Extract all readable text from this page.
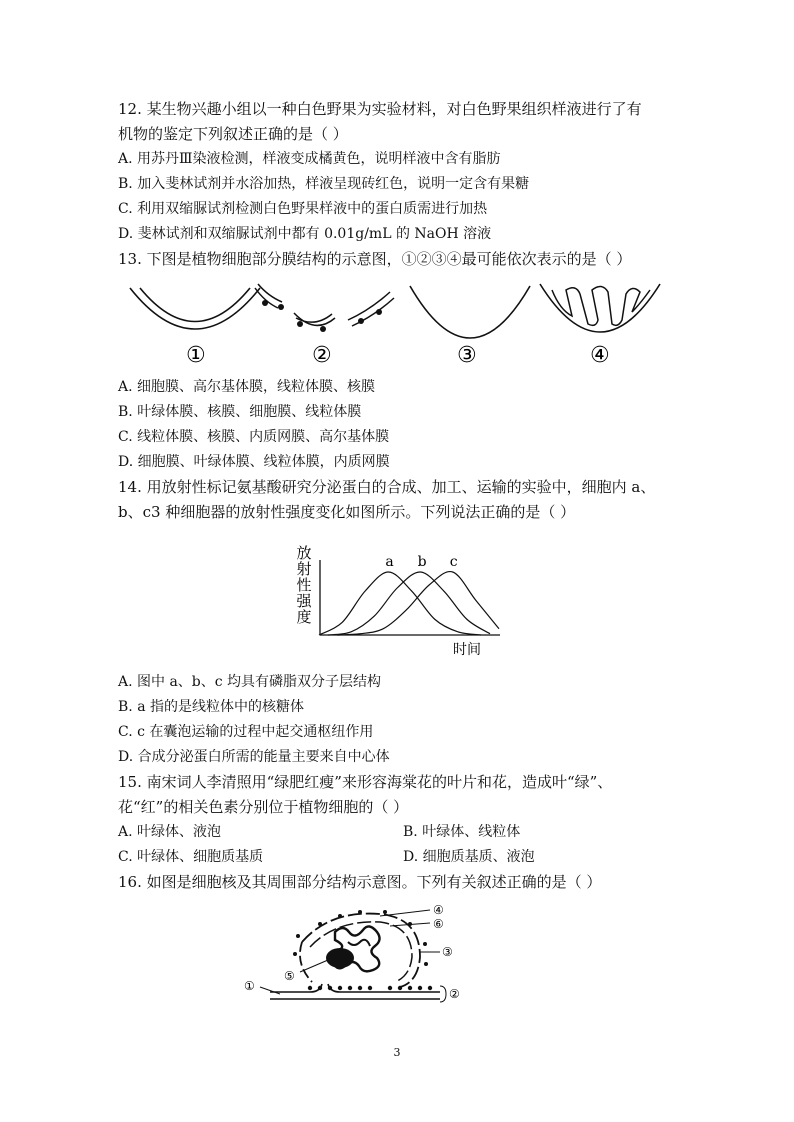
12. 某生物兴趣小组以一种白色野果为实验材料，对白色野果组织样液进行了有
机物的鉴定下列叙述正确的是（ ）
A. 用苏丹Ⅲ染液检测，样液变成橘黄色，说明样液中含有脂肪
B. 加入斐林试剂并水浴加热，样液呈现砖红色，说明一定含有果糖
C. 利用双缩脲试剂检测白色野果样液中的蛋白质需进行加热
D. 斐林试剂和双缩脲试剂中都有 0.01g/mL 的 NaOH 溶液
13. 下图是植物细胞部分膜结构的示意图，①②③④最可能依次表示的是（ ）
①	②	③	④
A. 细胞膜、高尔基体膜，线粒体膜、核膜
B. 叶绿体膜、核膜、细胞膜、线粒体膜
C. 线粒体膜、核膜、内质网膜、高尔基体膜
D. 细胞膜、叶绿体膜、线粒体膜，内质网膜
14. 用放射性标记氨基酸研究分泌蛋白的合成、加工、运输的实验中，细胞内 a、
b、c3 种细胞器的放射性强度变化如图所示。下列说法正确的是（ ）
放射性强度
a b c
时间
A. 图中 a、b、c 均具有磷脂双分子层结构
B. a 指的是线粒体中的核糖体
C. c 在囊泡运输的过程中起交通枢纽作用
D. 合成分泌蛋白所需的能量主要来自中心体
15. 南宋词人李清照用“绿肥红瘦”来形容海棠花的叶片和花，造成叶“绿”、
花“红”的相关色素分别位于植物细胞的（ ）
A. 叶绿体、液泡	B. 叶绿体、线粒体
C. 叶绿体、细胞质基质	D. 细胞质基质、液泡
16. 如图是细胞核及其周围部分结构示意图。下列有关叙述正确的是（ ）
④
⑥
③
⑤
①
②
3
